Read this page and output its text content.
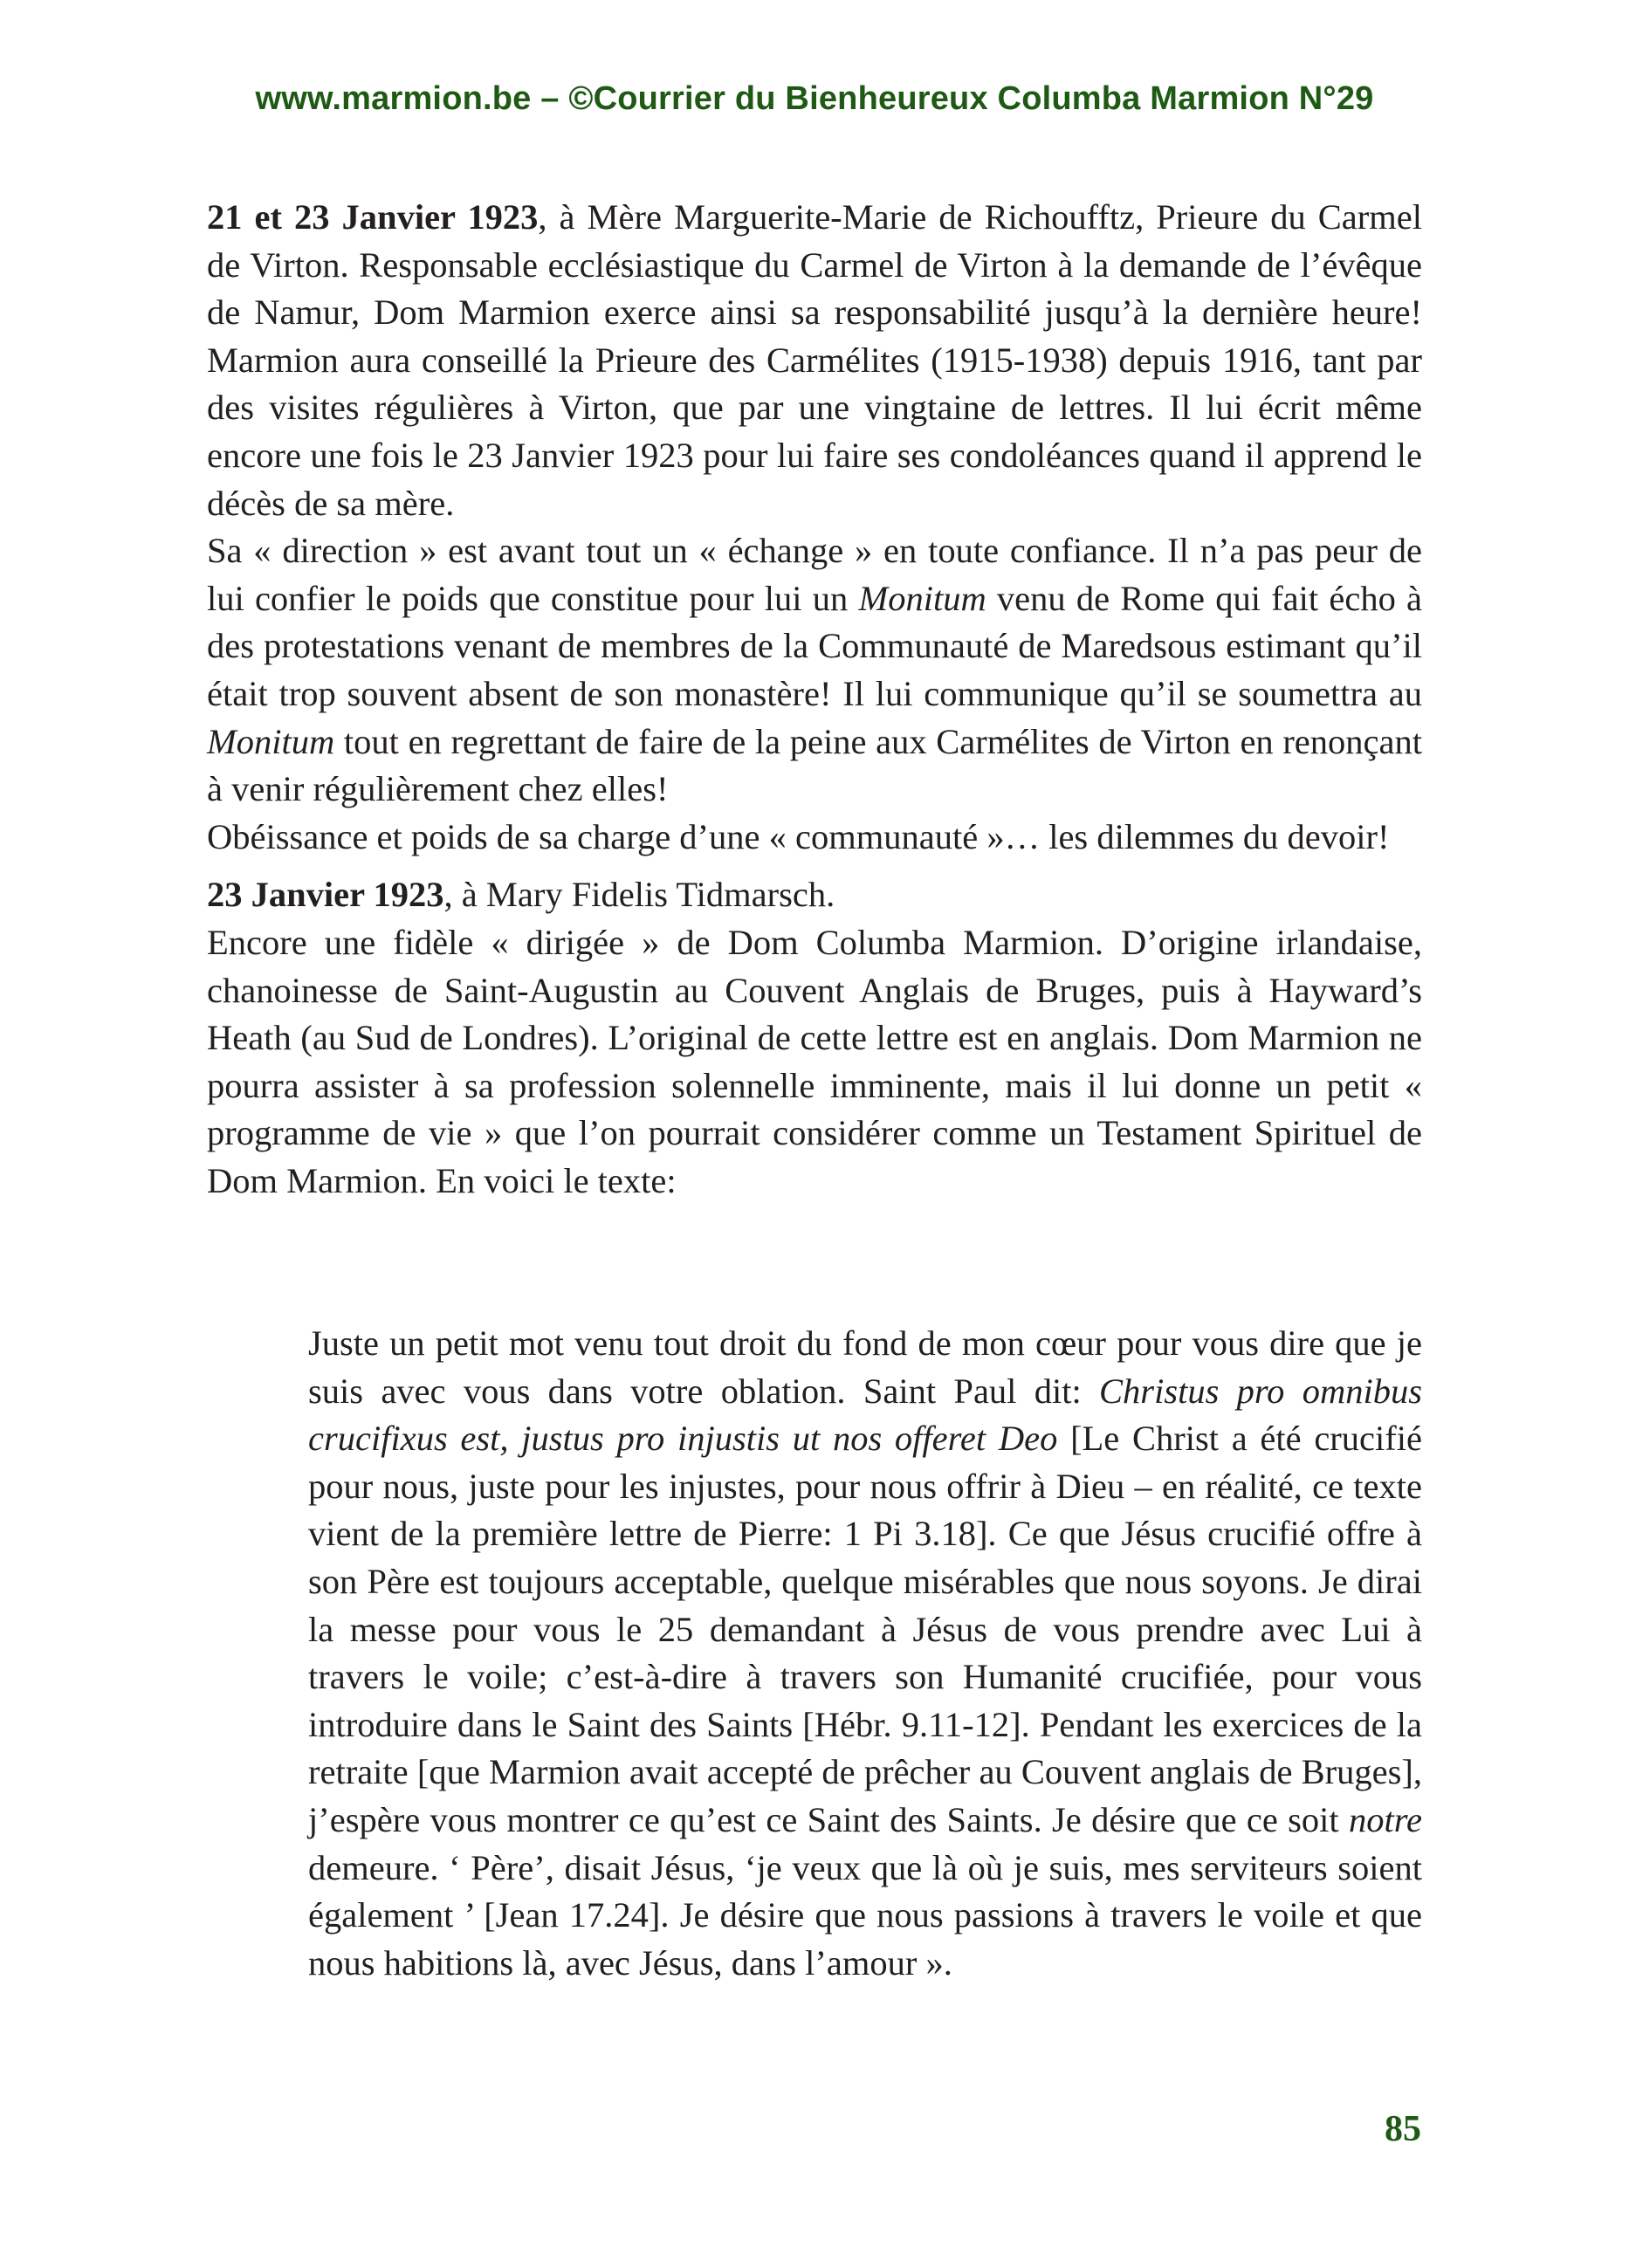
www.marmion.be – ©Courrier du Bienheureux Columba Marmion N°29

21 et 23 Janvier 1923, à Mère Marguerite-Marie de Richoufftz, Prieure du Carmel de Virton. Responsable ecclésiastique du Carmel de Virton à la demande de l’évêque de Namur, Dom Marmion exerce ainsi sa responsabilité jusqu’à la dernière heure! Marmion aura conseillé la Prieure des Carmélites (1915-1938) depuis 1916, tant par des visites régulières à Virton, que par une vingtaine de lettres. Il lui écrit même encore une fois le 23 Janvier 1923 pour lui faire ses condoléances quand il apprend le décès de sa mère.

Sa « direction » est avant tout un « échange » en toute confiance. Il n’a pas peur de lui confier le poids que constitue pour lui un Monitum venu de Rome qui fait écho à des protestations venant de membres de la Communauté de Maredsous estimant qu’il était trop souvent absent de son monastère! Il lui communique qu’il se soumettra au Monitum tout en regrettant de faire de la peine aux Carmélites de Virton en renonçant à venir régulièrement chez elles!

Obéissance et poids de sa charge d’une « communauté »… les dilemmes du devoir!

23 Janvier 1923, à Mary Fidelis Tidmarsch.

Encore une fidèle « dirigée » de Dom Columba Marmion. D’origine irlandaise, chanoinesse de Saint-Augustin au Couvent Anglais de Bruges, puis à Hayward’s Heath (au Sud de Londres). L’original de cette lettre est en anglais. Dom Marmion ne pourra assister à sa profession solennelle imminente, mais il lui donne un petit « programme de vie » que l’on pourrait considérer comme un Testament Spirituel de Dom Marmion. En voici le texte:

Juste un petit mot venu tout droit du fond de mon cœur pour vous dire que je suis avec vous dans votre oblation. Saint Paul dit: Christus pro omnibus crucifixus est, justus pro injustis ut nos offeret Deo [Le Christ a été crucifié pour nous, juste pour les injustes, pour nous offrir à Dieu – en réalité, ce texte vient de la première lettre de Pierre: 1 Pi 3.18]. Ce que Jésus crucifié offre à son Père est toujours acceptable, quelque misérables que nous soyons. Je dirai la messe pour vous le 25 demandant à Jésus de vous prendre avec Lui à travers le voile; c’est-à-dire à travers son Humanité crucifiée, pour vous introduire dans le Saint des Saints [Hébr. 9.11-12]. Pendant les exercices de la retraite [que Marmion avait accepté de prêcher au Couvent anglais de Bruges], j’espère vous montrer ce qu’est ce Saint des Saints. Je désire que ce soit notre demeure. ‘ Père’, disait Jésus, ‘je veux que là où je suis, mes serviteurs soient également ’ [Jean 17.24]. Je désire que nous passions à travers le voile et que nous habitions là, avec Jésus, dans l’amour ».
85
